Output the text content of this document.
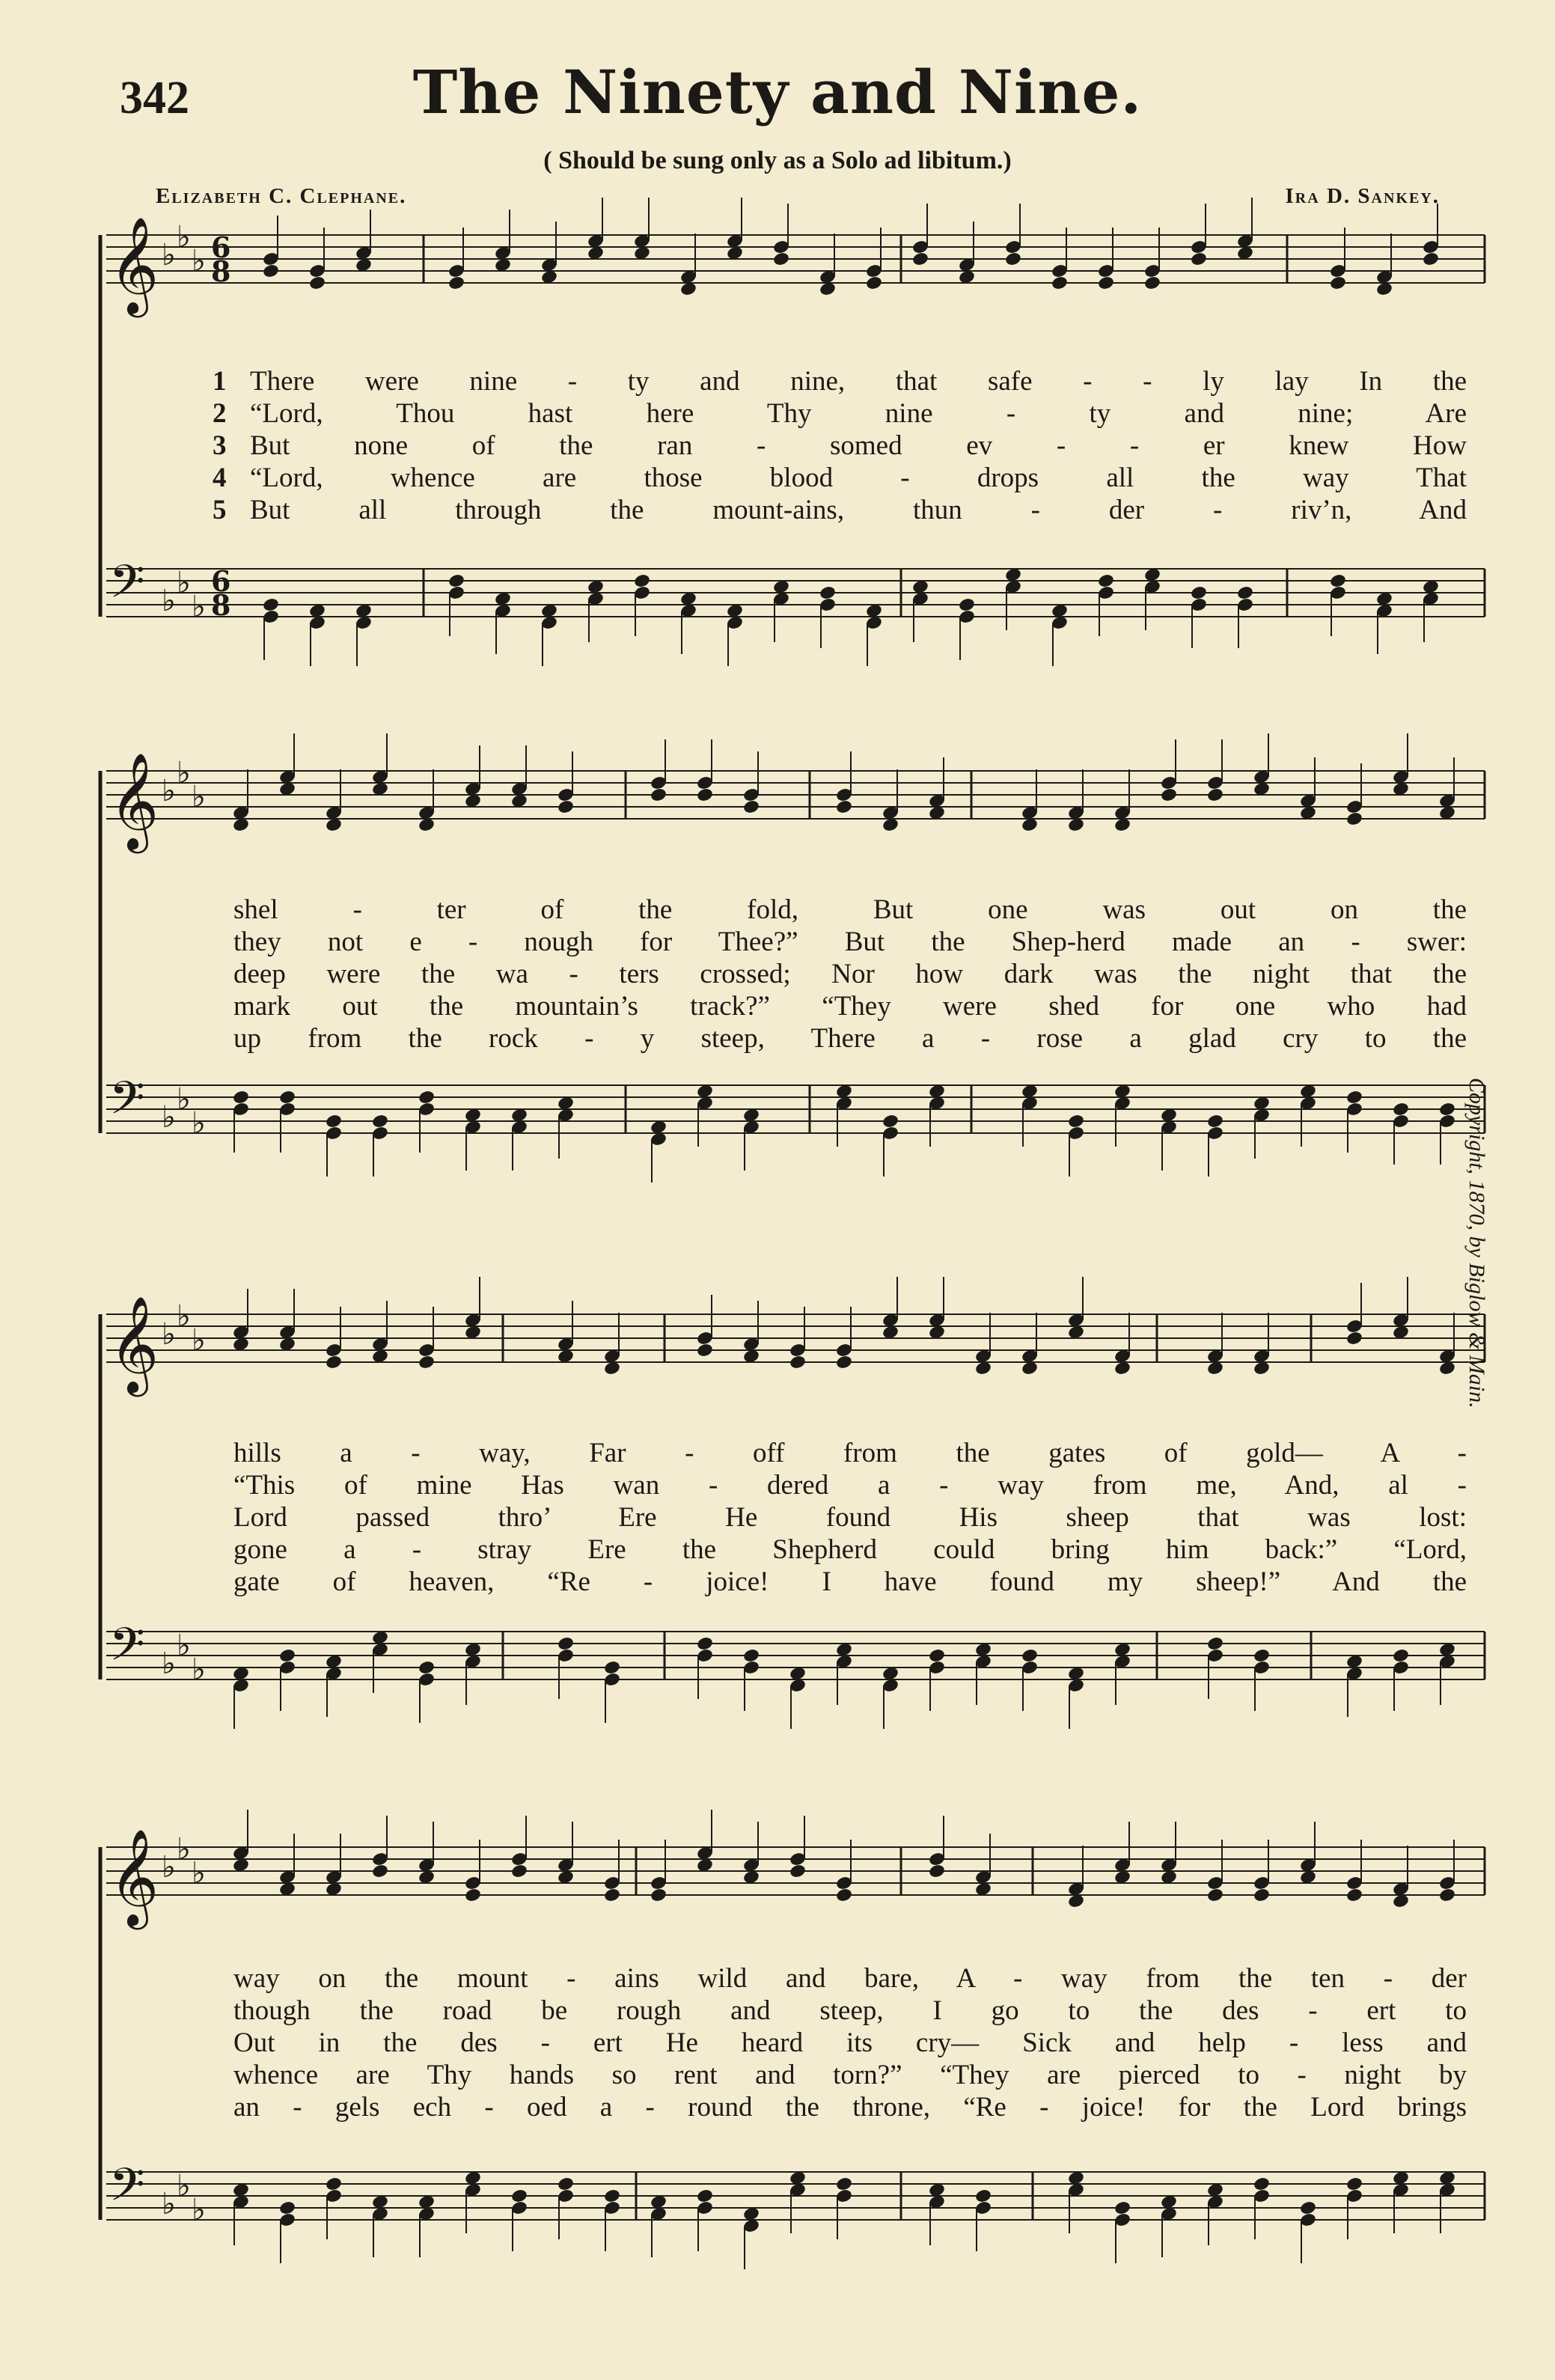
342	The Ninety and Nine.
( Should be sung only as a Solo ad libitum.)
Elizabeth C. Clephane.	Ira D. Sankey.
Copyright, 1870, by Biglow & Main.
𝄞 ♭
♭
♭ 6
8
𝄢 ♭
♭
♭
6
8
1 There were nine - ty and nine, that safe - - ly lay In the
2 “Lord, Thou hast here Thy nine - ty and nine; Are
3 But none of the ran - somed ev - - er knew How
4 “Lord, whence are those blood - drops all the way That
5 But all through the mount-ains, thun - der - riv’n, And
𝄞 ♭
♭
♭
𝄢 ♭
♭
♭
shel - ter of the fold, But one was out on the
they not e - nough for Thee?” But the Shep-herd made an - swer:
deep were the wa - ters crossed; Nor how dark was the night that the
mark out the mountain’s track?” “They were shed for one who had
up from the rock - y steep, There a - rose a glad cry to the
𝄞 ♭
♭
♭
𝄢 ♭
♭
♭
hills a - way, Far - off from the gates of gold— A -
“This of mine Has wan - dered a - way from me, And, al -
Lord passed thro’ Ere He found His sheep that was lost:
gone a - stray Ere the Shepherd could bring him back:” “Lord,
gate of heaven, “Re - joice! I have found my sheep!” And the
𝄞 ♭
♭
♭
𝄢 ♭
♭
♭
way on the mount - ains wild and bare, A - way from the ten - der
though the road be rough and steep, I go to the des - ert to
Out in the des - ert He heard its cry— Sick and help - less and
whence are Thy hands so rent and torn?” “They are pierced to - night by
an - gels ech - oed a - round the throne, “Re - joice! for the Lord brings
